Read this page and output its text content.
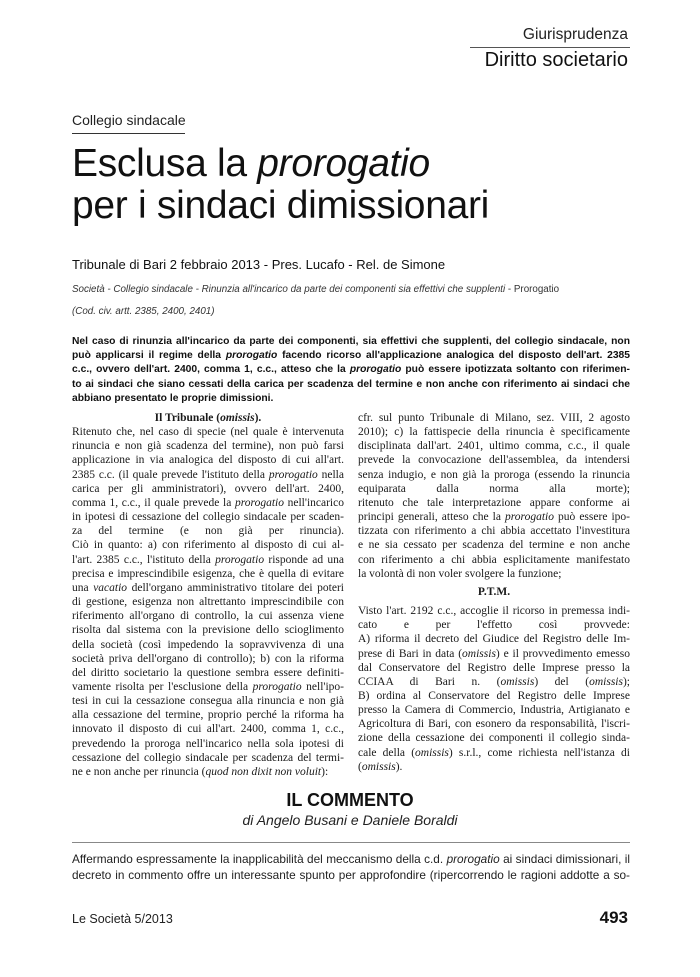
Giurisprudenza
Diritto societario
Collegio sindacale
Esclusa la prorogatio
per i sindaci dimissionari
Tribunale di Bari 2 febbraio 2013 - Pres. Lucafo - Rel. de Simone
Società - Collegio sindacale - Rinunzia all'incarico da parte dei componenti sia effettivi che supplenti - Prorogatio
(Cod. civ. artt. 2385, 2400, 2401)
Nel caso di rinunzia all'incarico da parte dei componenti, sia effettivi che supplenti, del collegio sindacale, non
può applicarsi il regime della prorogatio facendo ricorso all'applicazione analogica del disposto dell'art. 2385
c.c., ovvero dell'art. 2400, comma 1, c.c., atteso che la prorogatio può essere ipotizzata soltanto con riferimen-
to ai sindaci che siano cessati della carica per scadenza del termine e non anche con riferimento ai sindaci che
abbiano presentato le proprie dimissioni.
Il Tribunale (omissis).
Ritenuto che, nel caso di specie (nel quale è intervenuta
rinuncia e non già scadenza del termine), non può farsi
applicazione in via analogica del disposto di cui all'art.
2385 c.c. (il quale prevede l'istituto della prorogatio nella
carica per gli amministratori), ovvero dell'art. 2400,
comma 1, c.c., il quale prevede la prorogatio nell'incarico
in ipotesi di cessazione del collegio sindacale per scaden-
za del termine (e non già per rinuncia).
Ciò in quanto: a) con riferimento al disposto di cui al-
l'art. 2385 c.c., l'istituto della prorogatio risponde ad una
precisa e imprescindibile esigenza, che è quella di evitare
una vacatio dell'organo amministrativo titolare dei poteri
di gestione, esigenza non altrettanto imprescindibile con
riferimento all'organo di controllo, la cui assenza viene
risolta dal sistema con la previsione dello scioglimento
della società (così impedendo la sopravvivenza di una
società priva dell'organo di controllo); b) con la riforma
del diritto societario la questione sembra essere definiti-
vamente risolta per l'esclusione della prorogatio nell'ipo-
tesi in cui la cessazione consegua alla rinuncia e non già
alla cessazione del termine, proprio perché la riforma ha
innovato il disposto di cui all'art. 2400, comma 1, c.c.,
prevedendo la proroga nell'incarico nella sola ipotesi di
cessazione del collegio sindacale per scadenza del termi-
ne e non anche per rinuncia (quod non dixit non voluit):
cfr. sul punto Tribunale di Milano, sez. VIII, 2 agosto
2010); c) la fattispecie della rinuncia è specificamente
disciplinata dall'art. 2401, ultimo comma, c.c., il quale
prevede la convocazione dell'assemblea, da intendersi
senza indugio, e non già la proroga (essendo la rinuncia
equiparata dalla norma alla morte);
ritenuto che tale interpretazione appare conforme ai
principi generali, atteso che la prorogatio può essere ipo-
tizzata con riferimento a chi abbia accettato l'investitura
e ne sia cessato per scadenza del termine e non anche
con riferimento a chi abbia esplicitamente manifestato
la volontà di non voler svolgere la funzione;
P.T.M.
Visto l'art. 2192 c.c., accoglie il ricorso in premessa indi-
cato e per l'effetto così provvede:
A) riforma il decreto del Giudice del Registro delle Im-
prese di Bari in data (omissis) e il provvedimento emesso
dal Conservatore del Registro delle Imprese presso la
CCIAA di Bari n. (omissis) del (omissis);
B) ordina al Conservatore del Registro delle Imprese
presso la Camera di Commercio, Industria, Artigianato e
Agricoltura di Bari, con esonero da responsabilità, l'iscri-
zione della cessazione dei componenti il collegio sinda-
cale della (omissis) s.r.l., come richiesta nell'istanza di
(omissis).
IL COMMENTO
di Angelo Busani e Daniele Boraldi
Affermando espressamente la inapplicabilità del meccanismo della c.d. prorogatio ai sindaci dimissionari, il
decreto in commento offre un interessante spunto per approfondire (ripercorrendo le ragioni addotte a so-
Le Società 5/2013	493
